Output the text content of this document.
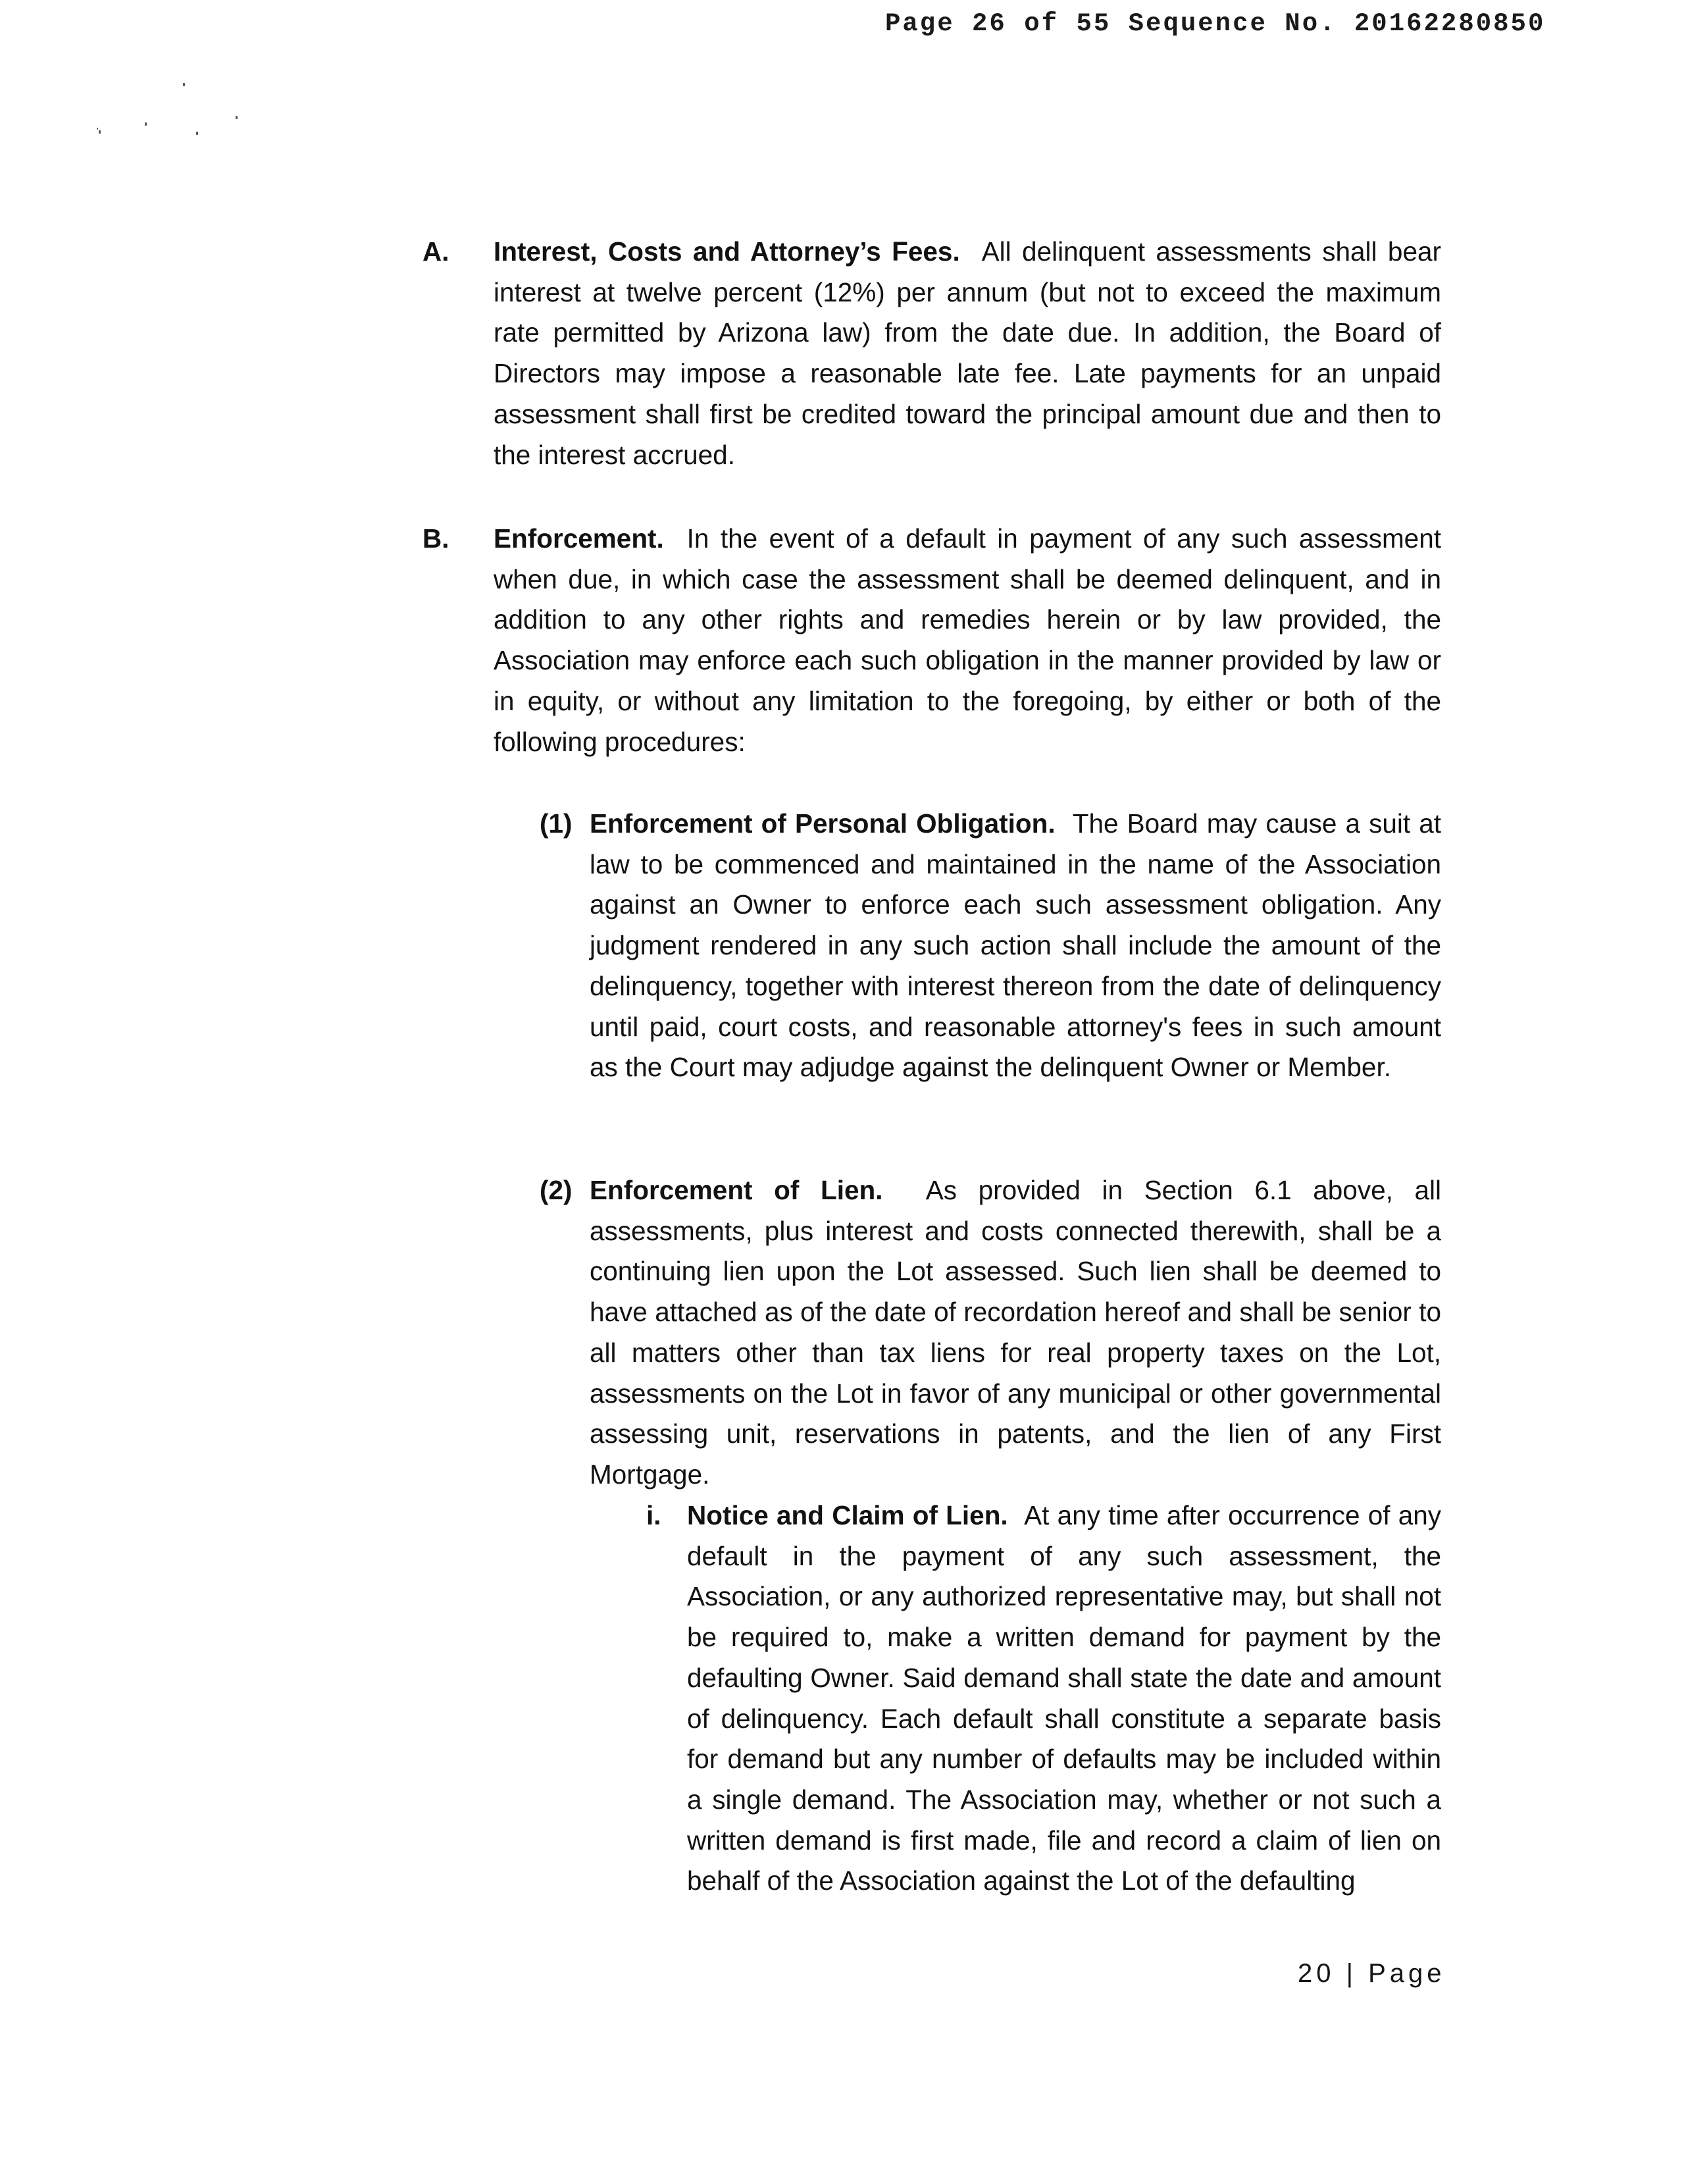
Page 26 of 55 Sequence No. 20162280850
A. Interest, Costs and Attorney’s Fees.  All delinquent assessments shall bear interest at twelve percent (12%) per annum (but not to exceed the maximum rate permitted by Arizona law) from the date due. In addition, the Board of Directors may impose a reasonable late fee. Late payments for an unpaid assessment shall first be credited toward the principal amount due and then to the interest accrued.
B. Enforcement.  In the event of a default in payment of any such assessment when due, in which case the assessment shall be deemed delinquent, and in addition to any other rights and remedies herein or by law provided, the Association may enforce each such obligation in the manner provided by law or in equity, or without any limitation to the foregoing, by either or both of the following procedures:
(1) Enforcement of Personal Obligation.  The Board may cause a suit at law to be commenced and maintained in the name of the Association against an Owner to enforce each such assessment obligation. Any judgment rendered in any such action shall include the amount of the delinquency, together with interest thereon from the date of delinquency until paid, court costs, and reasonable attorney's fees in such amount as the Court may adjudge against the delinquent Owner or Member.
(2) Enforcement of Lien.  As provided in Section 6.1 above, all assessments, plus interest and costs connected therewith, shall be a continuing lien upon the Lot assessed. Such lien shall be deemed to have attached as of the date of recordation hereof and shall be senior to all matters other than tax liens for real property taxes on the Lot, assessments on the Lot in favor of any municipal or other governmental assessing unit, reservations in patents, and the lien of any First Mortgage.
i. Notice and Claim of Lien.  At any time after occurrence of any default in the payment of any such assessment, the Association, or any authorized representative may, but shall not be required to, make a written demand for payment by the defaulting Owner. Said demand shall state the date and amount of delinquency. Each default shall constitute a separate basis for demand but any number of defaults may be included within a single demand. The Association may, whether or not such a written demand is first made, file and record a claim of lien on behalf of the Association against the Lot of the defaulting
20 | Page
